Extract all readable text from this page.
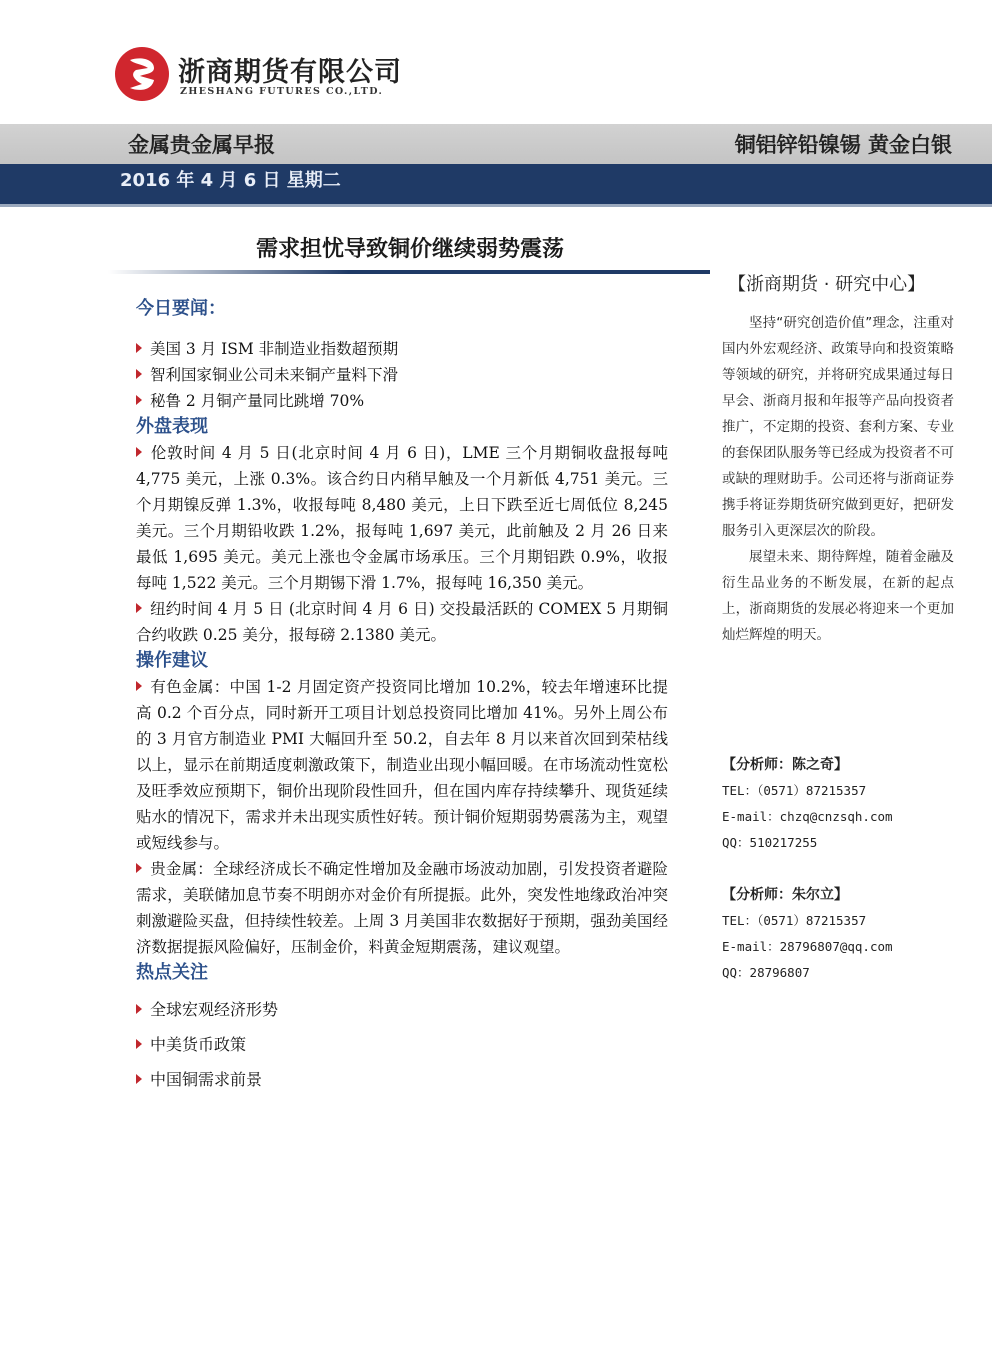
浙商期货有限公司
ZHESHANG FUTURES CO.,LTD.
金属贵金属早报	铜铝锌铅镍锡 黄金白银
2016 年 4 月 6 日 星期二
需求担忧导致铜价继续弱势震荡
今日要闻：
美国 3 月 ISM 非制造业指数超预期
智利国家铜业公司未来铜产量料下滑
秘鲁 2 月铜产量同比跳增 70%
外盘表现

伦敦时间 4 月 5 日(北京时间 4 月 6 日)，LME 三个月期铜收盘报每吨 4,775 美元，上涨 0.3%。该合约日内稍早触及一个月新低 4,751 美元。三个月期镍反弹 1.3%，收报每吨 8,480 美元，上日下跌至近七周低位 8,245 美元。三个月期铅收跌 1.2%，报每吨 1,697 美元，此前触及 2 月 26 日来最低 1,695 美元。美元上涨也令金属市场承压。三个月期铝跌 0.9%，收报每吨 1,522 美元。三个月期锡下滑 1.7%，报每吨 16,350 美元。

纽约时间 4 月 5 日 (北京时间 4 月 6 日) 交投最活跃的 COMEX 5 月期铜合约收跌 0.25 美分，报每磅 2.1380 美元。

操作建议

有色金属：中国 1-2 月固定资产投资同比增加 10.2%，较去年增速环比提高 0.2 个百分点，同时新开工项目计划总投资同比增加 41%。另外上周公布的 3 月官方制造业 PMI 大幅回升至 50.2，自去年 8 月以来首次回到荣枯线以上，显示在前期适度刺激政策下，制造业出现小幅回暖。在市场流动性宽松及旺季效应预期下，铜价出现阶段性回升，但在国内库存持续攀升、现货延续贴水的情况下，需求并未出现实质性好转。预计铜价短期弱势震荡为主，观望或短线参与。

贵金属：全球经济成长不确定性增加及金融市场波动加剧，引发投资者避险需求，美联储加息节奏不明朗亦对金价有所提振。此外，突发性地缘政治冲突刺激避险买盘，但持续性较差。上周 3 月美国非农数据好于预期，强劲美国经济数据提振风险偏好，压制金价，料黄金短期震荡，建议观望。

热点关注
全球宏观经济形势
中美货币政策
中国铜需求前景
【浙商期货 · 研究中心】

坚持“研究创造价值”理念，注重对国内外宏观经济、政策导向和投资策略等领域的研究，并将研究成果通过每日早会、浙商月报和年报等产品向投资者推广，不定期的投资、套利方案、专业的套保团队服务等已经成为投资者不可或缺的理财助手。公司还将与浙商证券携手将证券期货研究做到更好，把研发服务引入更深层次的阶段。

展望未来、期待辉煌，随着金融及衍生品业务的不断发展，在新的起点上，浙商期货的发展必将迎来一个更加灿烂辉煌的明天。

【分析师：陈之奇】
TEL：（0571）87215357
E-mail：chzq@cnzsqh.com
QQ：510217255
【分析师：朱尔立】
TEL：（0571）87215357
E-mail：28796807@qq.com
QQ：28796807
